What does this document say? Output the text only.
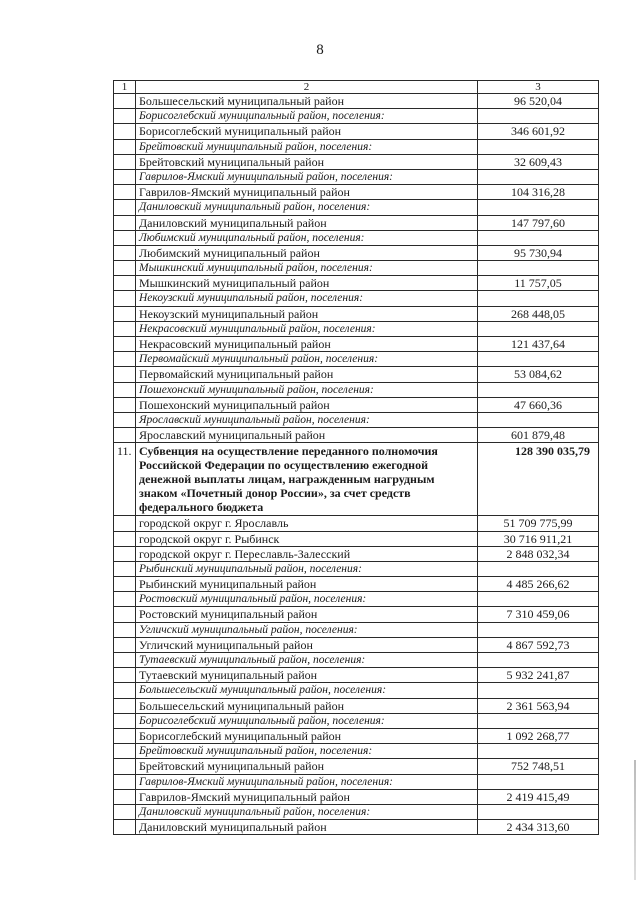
8
1	2	3
	Большесельский муниципальный район	96 520,04
	Борисоглебский муниципальный район, поселения:	
	Борисоглебский муниципальный район	346 601,92
	Брейтовский муниципальный район, поселения:	
	Брейтовский муниципальный район	32 609,43
	Гаврилов-Ямский муниципальный район, поселения:	
	Гаврилов-Ямский муниципальный район	104 316,28
	Даниловский муниципальный район, поселения:	
	Даниловский муниципальный район	147 797,60
	Любимский муниципальный район, поселения:	
	Любимский муниципальный район	95 730,94
	Мышкинский муниципальный район, поселения:	
	Мышкинский муниципальный район	11 757,05
	Некоузский муниципальный район, поселения:	
	Некоузский муниципальный район	268 448,05
	Некрасовский муниципальный район, поселения:	
	Некрасовский муниципальный район	121 437,64
	Первомайский муниципальный район, поселения:	
	Первомайский муниципальный район	53 084,62
	Пошехонский муниципальный район, поселения:	
	Пошехонский муниципальный район	47 660,36
	Ярославский муниципальный район, поселения:	
	Ярославский муниципальный район	601 879,48
11.	Субвенция на осуществление переданного полномочия Российской Федерации по осуществлению ежегодной денежной выплаты лицам, награжденным нагрудным знаком «Почетный донор России», за счет средств федерального бюджета	128 390 035,79
	городской округ г. Ярославль	51 709 775,99
	городской округ г. Рыбинск	30 716 911,21
	городской округ г. Переславль-Залесский	2 848 032,34
	Рыбинский муниципальный район, поселения:	
	Рыбинский муниципальный район	4 485 266,62
	Ростовский муниципальный район, поселения:	
	Ростовский муниципальный район	7 310 459,06
	Угличский муниципальный район, поселения:	
	Угличский муниципальный район	4 867 592,73
	Тутаевский муниципальный район, поселения:	
	Тутаевский муниципальный район	5 932 241,87
	Большесельский муниципальный район, поселения:	
	Большесельский муниципальный район	2 361 563,94
	Борисоглебский муниципальный район, поселения:	
	Борисоглебский муниципальный район	1 092 268,77
	Брейтовский муниципальный район, поселения:	
	Брейтовский муниципальный район	752 748,51
	Гаврилов-Ямский муниципальный район, поселения:	
	Гаврилов-Ямский муниципальный район	2 419 415,49
	Даниловский муниципальный район, поселения:	
	Даниловский муниципальный район	2 434 313,60
